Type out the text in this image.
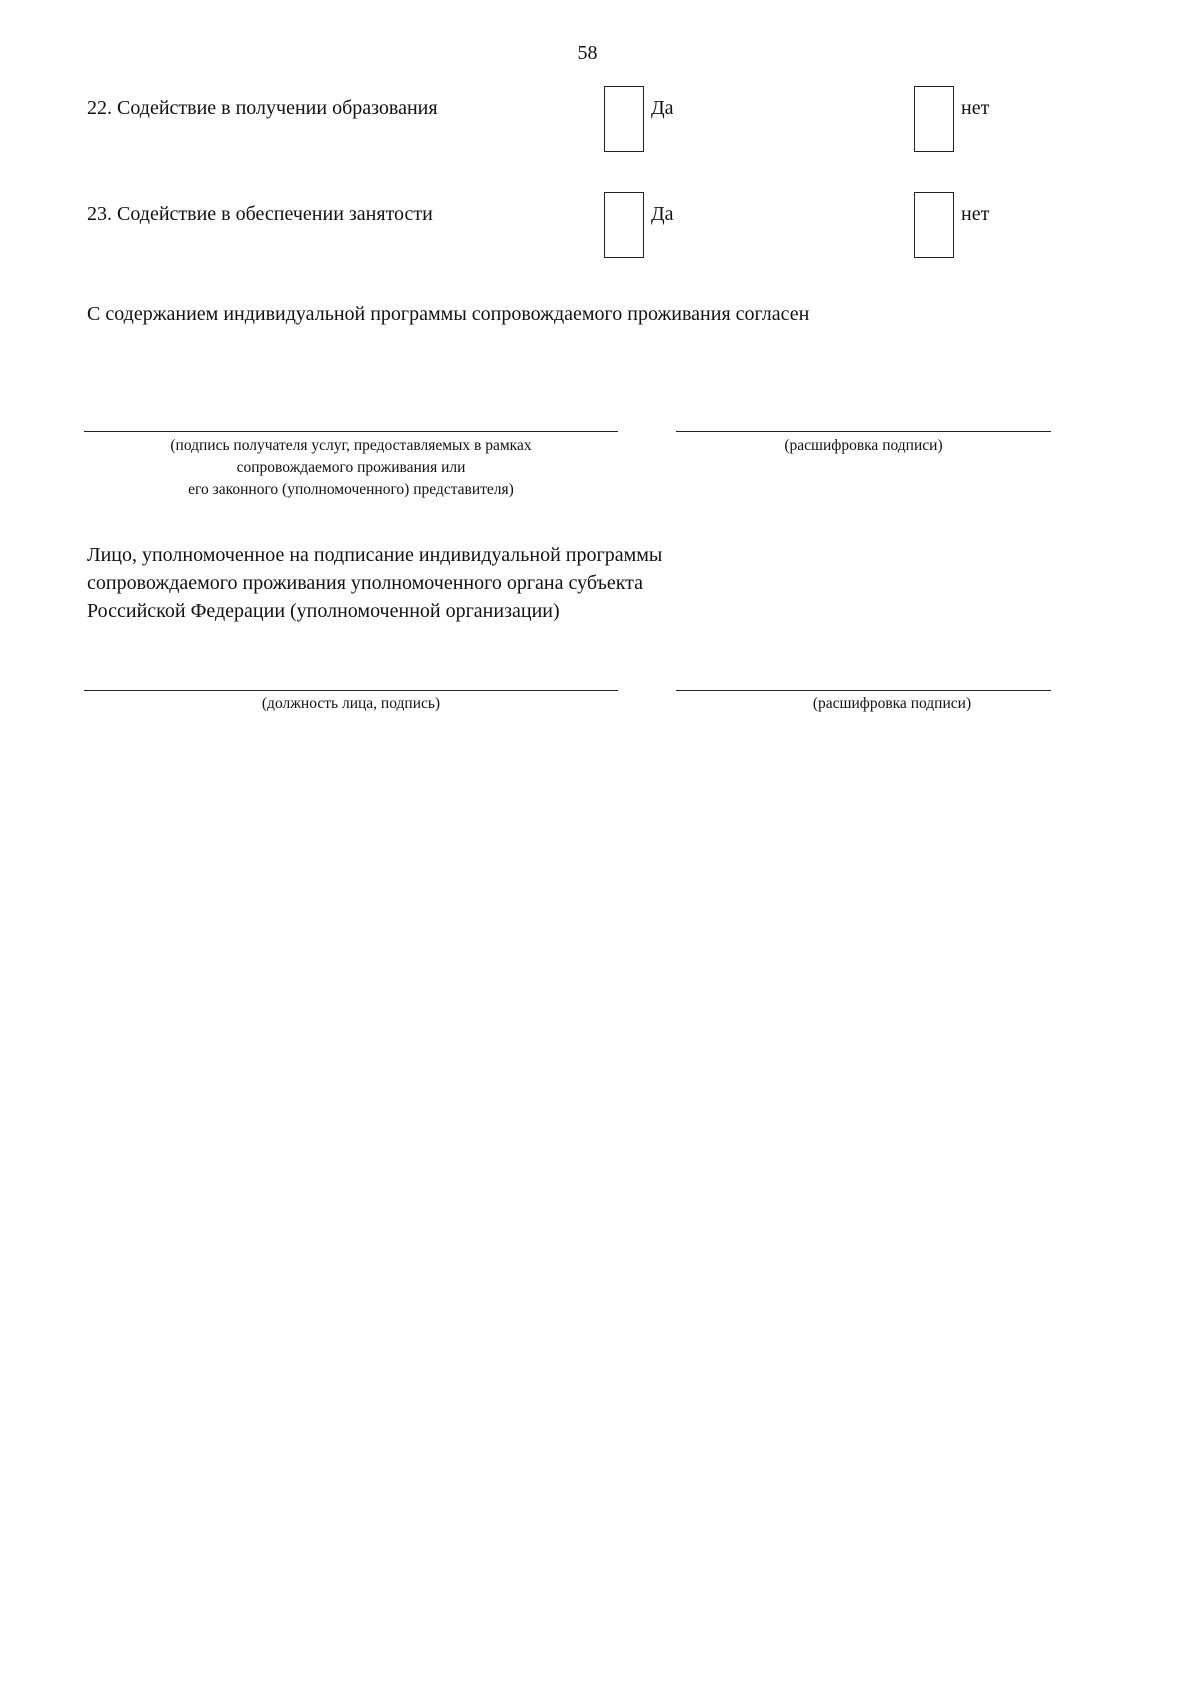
58
22. Содействие в получении образования	Да	нет
23. Содействие в обеспечении занятости	Да	нет
С содержанием индивидуальной программы сопровождаемого проживания согласен
(подпись получателя услуг, предоставляемых в рамках
сопровождаемого проживания или
его законного (уполномоченного) представителя)
(расшифровка подписи)
Лицо, уполномоченное на подписание индивидуальной программы
сопровождаемого проживания уполномоченного органа субъекта
Российской Федерации (уполномоченной организации)
(должность лица, подпись)	(расшифровка подписи)
